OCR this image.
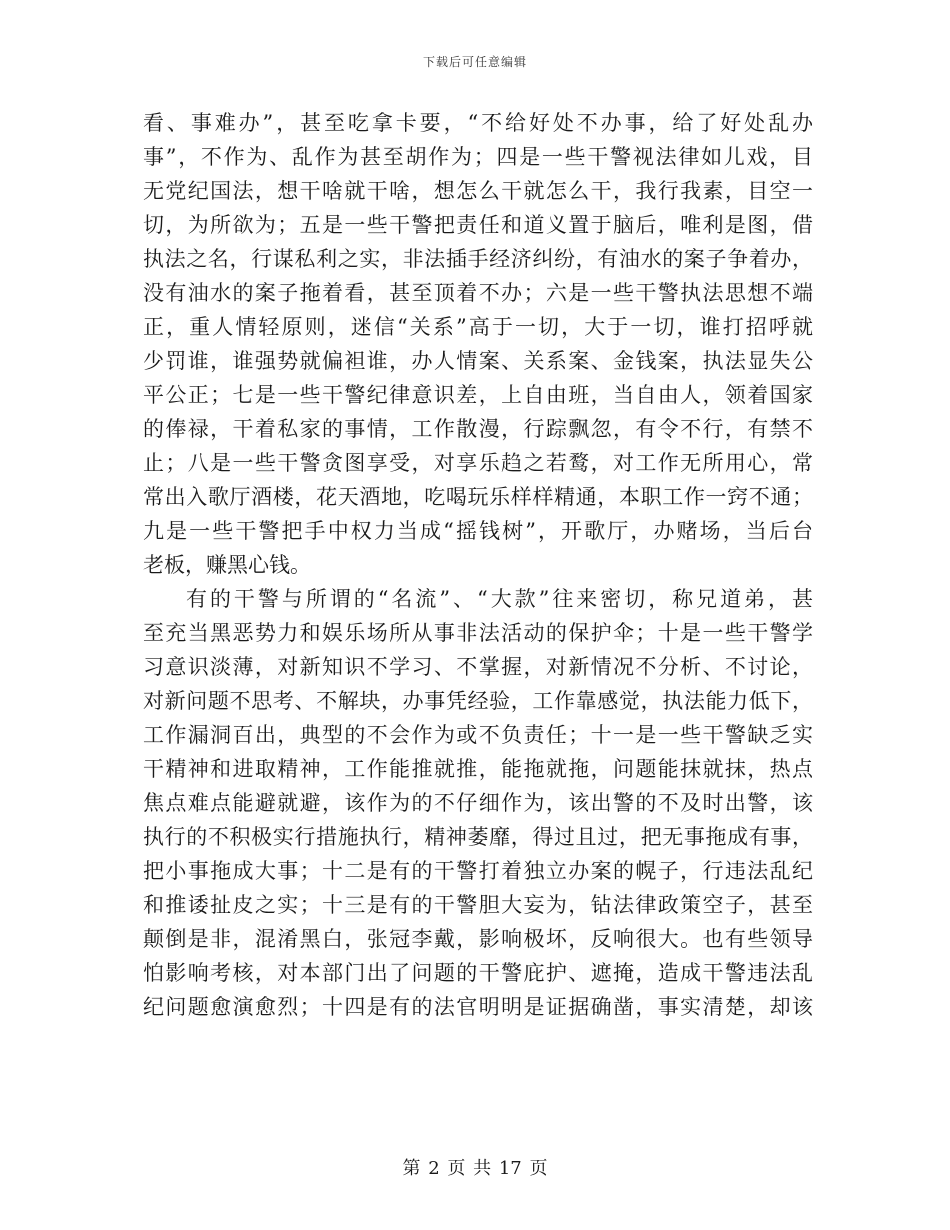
下载后可任意编辑
看、事难办”，甚至吃拿卡要，“不给好处不办事，给了好处乱办
事”，不作为、乱作为甚至胡作为；四是一些干警视法律如儿戏，目
无党纪国法，想干啥就干啥，想怎么干就怎么干，我行我素，目空一
切，为所欲为；五是一些干警把责任和道义置于脑后，唯利是图，借
执法之名，行谋私利之实，非法插手经济纠纷，有油水的案子争着办，
没有油水的案子拖着看，甚至顶着不办；六是一些干警执法思想不端
正，重人情轻原则，迷信“关系”高于一切，大于一切，谁打招呼就
少罚谁，谁强势就偏袒谁，办人情案、关系案、金钱案，执法显失公
平公正；七是一些干警纪律意识差，上自由班，当自由人，领着国家
的俸禄，干着私家的事情，工作散漫，行踪飘忽，有令不行，有禁不
止；八是一些干警贪图享受，对享乐趋之若鹜，对工作无所用心，常
常出入歌厅酒楼，花天酒地，吃喝玩乐样样精通，本职工作一窍不通；
九是一些干警把手中权力当成“摇钱树”，开歌厅，办赌场，当后台
老板，赚黑心钱。
有的干警与所谓的“名流”、“大款”往来密切，称兄道弟，甚
至充当黑恶势力和娱乐场所从事非法活动的保护伞；十是一些干警学
习意识淡薄，对新知识不学习、不掌握，对新情况不分析、不讨论，
对新问题不思考、不解块，办事凭经验，工作靠感觉，执法能力低下，
工作漏洞百出，典型的不会作为或不负责任；十一是一些干警缺乏实
干精神和进取精神，工作能推就推，能拖就拖，问题能抹就抹，热点
焦点难点能避就避，该作为的不仔细作为，该出警的不及时出警，该
执行的不积极实行措施执行，精神萎靡，得过且过，把无事拖成有事，
把小事拖成大事；十二是有的干警打着独立办案的幌子，行违法乱纪
和推诿扯皮之实；十三是有的干警胆大妄为，钻法律政策空子，甚至
颠倒是非，混淆黑白，张冠李戴，影响极坏，反响很大。也有些领导
怕影响考核，对本部门出了问题的干警庇护、遮掩，造成干警违法乱
纪问题愈演愈烈；十四是有的法官明明是证据确凿，事实清楚，却该
第 2 页 共 17 页
